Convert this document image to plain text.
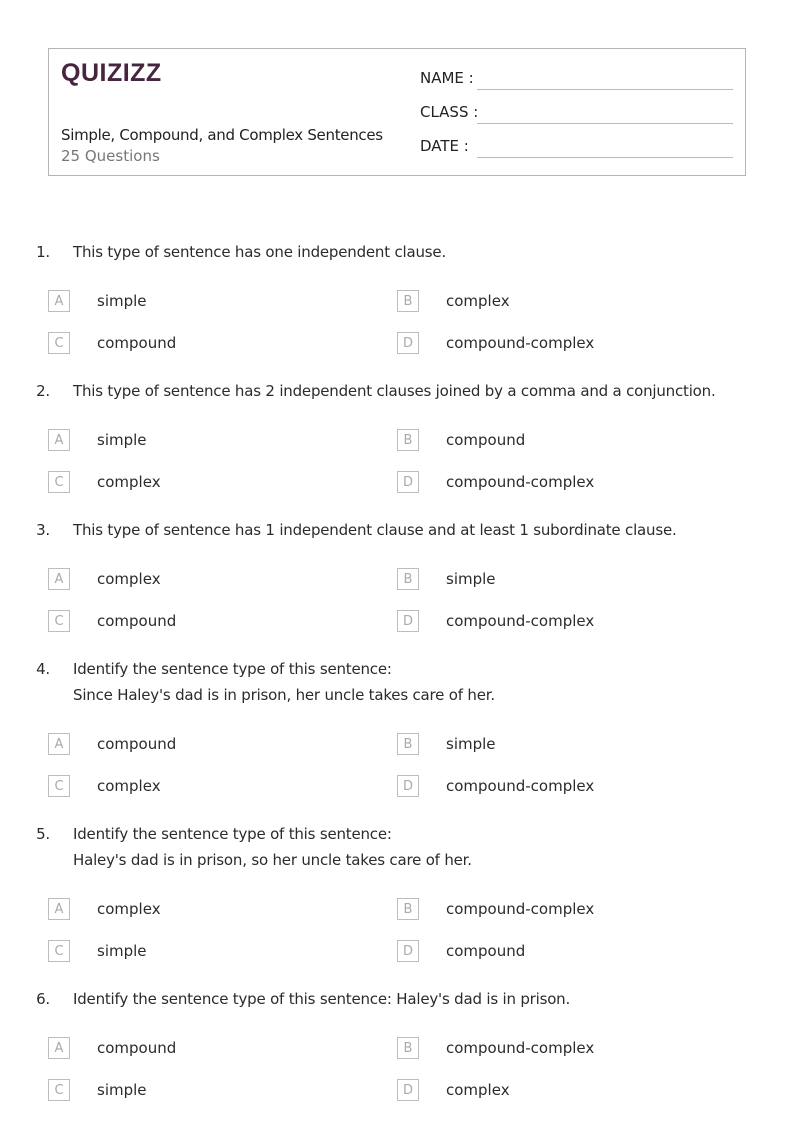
QUIZIZZ
Simple, Compound, and Complex Sentences
25 Questions
NAME :
CLASS :
DATE :
1.	This type of sentence has one independent clause.
A	simple	B	complex
C	compound	D	compound-complex
2.	This type of sentence has 2 independent clauses joined by a comma and a conjunction.
A	simple	B	compound
C	complex	D	compound-complex
3.	This type of sentence has 1 independent clause and at least 1 subordinate clause.
A	complex	B	simple
C	compound	D	compound-complex
4.	Identify the sentence type of this sentence:
Since Haley's dad is in prison, her uncle takes care of her.
A	compound	B	simple
C	complex	D	compound-complex
5.	Identify the sentence type of this sentence:
Haley's dad is in prison, so her uncle takes care of her.
A	complex	B	compound-complex
C	simple	D	compound
6.	Identify the sentence type of this sentence: Haley's dad is in prison.
A	compound	B	compound-complex
C	simple	D	complex
